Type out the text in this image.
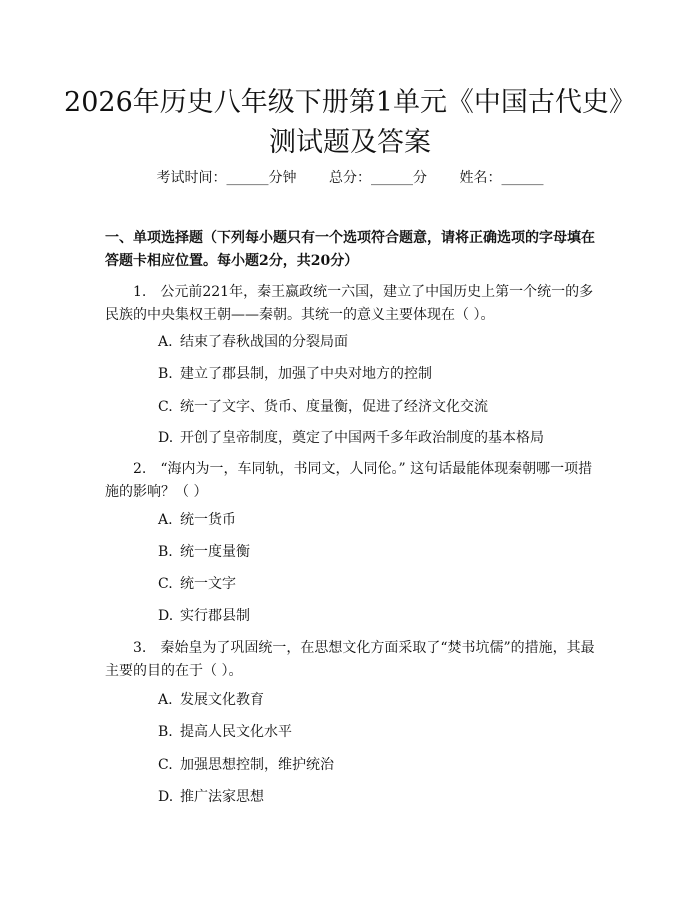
2026年历史八年级下册第1单元《中国古代史》测试题及答案
考试时间：______分钟 总分：______分 姓名：______

一、单项选择题（下列每小题只有一个选项符合题意，请将正确选项的字母填在答题卡相应位置。每小题2分，共20分）

1. 公元前221年，秦王嬴政统一六国，建立了中国历史上第一个统一的多民族的中央集权王朝——秦朝。其统一的意义主要体现在（ ）。

A. 结束了春秋战国的分裂局面

B. 建立了郡县制，加强了中央对地方的控制

C. 统一了文字、货币、度量衡，促进了经济文化交流

D. 开创了皇帝制度，奠定了中国两千多年政治制度的基本格局

2. “海内为一，车同轨，书同文，人同伦。” 这句话最能体现秦朝哪一项措施的影响？（ ）

A. 统一货币

B. 统一度量衡

C. 统一文字

D. 实行郡县制

3. 秦始皇为了巩固统一，在思想文化方面采取了“焚书坑儒”的措施，其最主要的目的在于（ ）。

A. 发展文化教育

B. 提高人民文化水平

C. 加强思想控制，维护统治

D. 推广法家思想
